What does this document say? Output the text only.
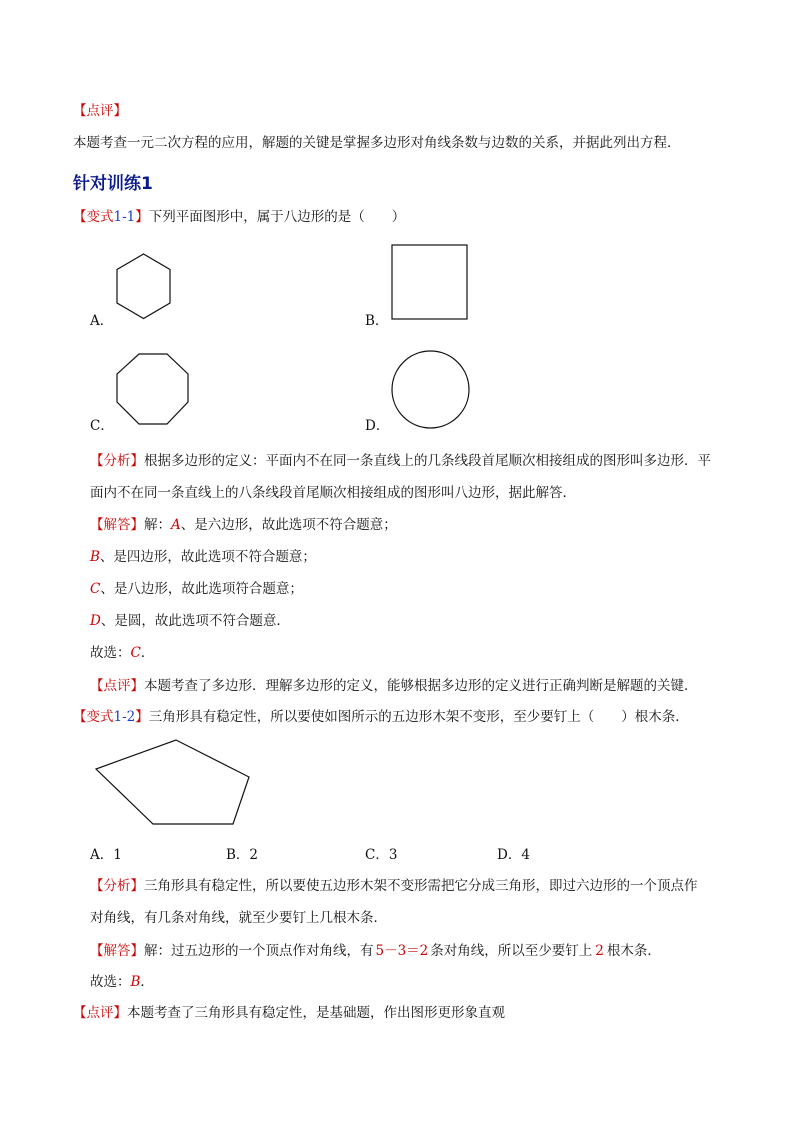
【点评】
本题考查一元二次方程的应用，解题的关键是掌握多边形对角线条数与边数的关系，并据此列出方程．
针对训练1
【变式1-1】下列平面图形中，属于八边形的是（　　）
A．	B．
C．	D．
【分析】根据多边形的定义：平面内不在同一条直线上的几条线段首尾顺次相接组成的图形叫多边形．平
面内不在同一条直线上的八条线段首尾顺次相接组成的图形叫八边形，据此解答．
【解答】解：A、是六边形，故此选项不符合题意；
B、是四边形，故此选项不符合题意；
C、是八边形，故此选项符合题意；
D、是圆，故此选项不符合题意．
故选：C．
【点评】本题考查了多边形．理解多边形的定义，能够根据多边形的定义进行正确判断是解题的关键．
【变式1-2】三角形具有稳定性，所以要使如图所示的五边形木架不变形，至少要钉上（　　）根木条．
A．1	B．2	C．3	D．4
【分析】三角形具有稳定性，所以要使五边形木架不变形需把它分成三角形，即过六边形的一个顶点作
对角线，有几条对角线，就至少要钉上几根木条．
【解答】解：过五边形的一个顶点作对角线，有 5－3＝2 条对角线，所以至少要钉上 2 根木条．
故选：B．
【点评】本题考查了三角形具有稳定性，是基础题，作出图形更形象直观
